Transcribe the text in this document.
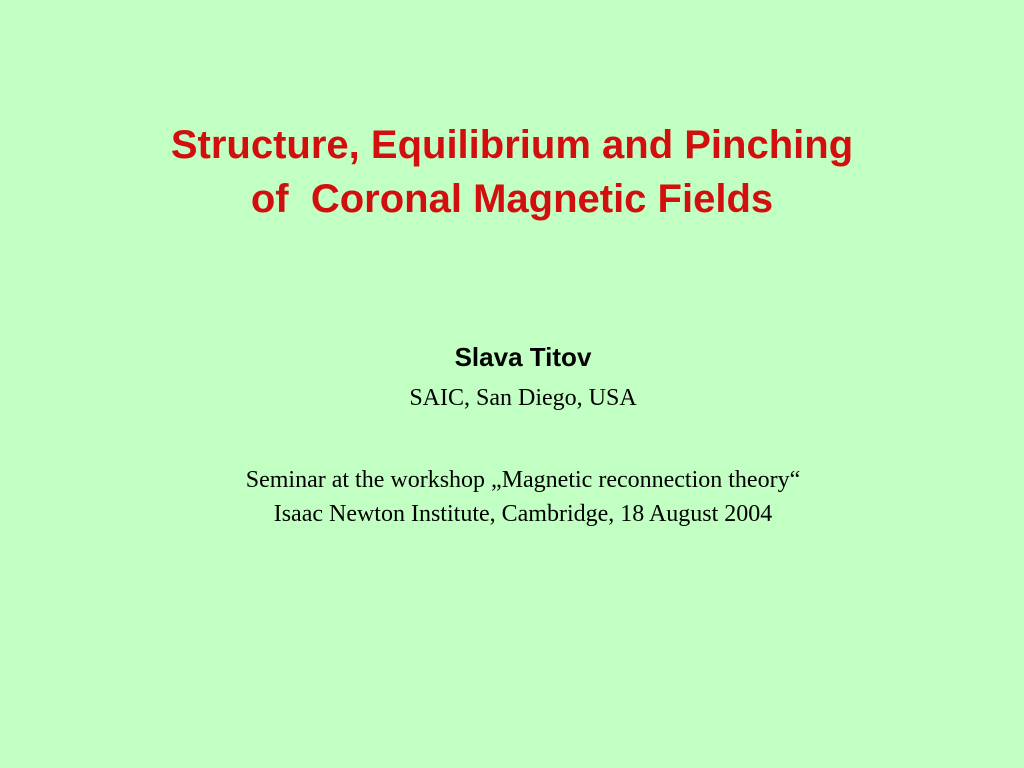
Structure, Equilibrium and Pinching
of  Coronal Magnetic Fields
Slava Titov
SAIC, San Diego, USA
Seminar at the workshop „Magnetic reconnection theory“
Isaac Newton Institute, Cambridge, 18 August 2004
